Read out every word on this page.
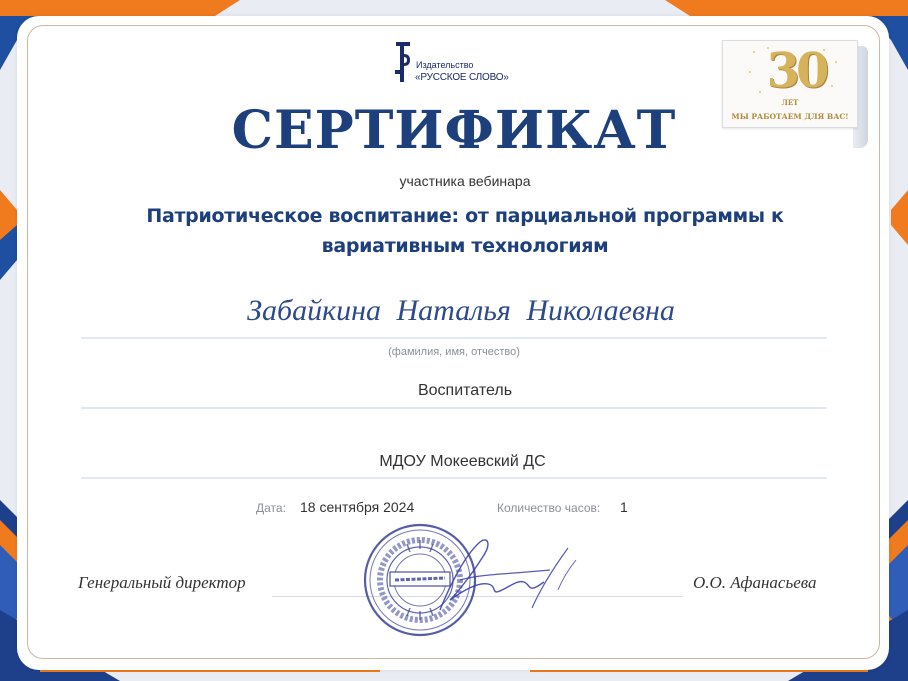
Издательство
«РУССКОЕ СЛОВО»	30
ЛЕТ
МЫ РАБОТАЕМ ДЛЯ ВАС!
СЕРТИФИКАТ
участника вебинара
Патриотическое воспитание: от парциальной программы к вариативным технологиям
Забайкина Наталья Николаевна
(фамилия, имя, отчество)
Воспитатель
МДОУ Мокеевский ДС
Дата: 18 сентября 2024	Количество часов: 1
Генеральный директор	О.О. Афанасьева
